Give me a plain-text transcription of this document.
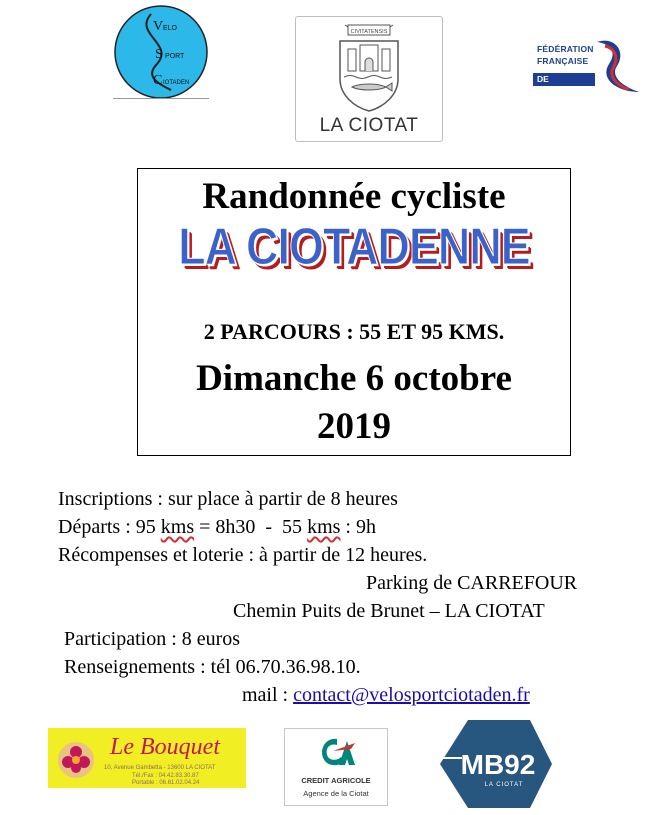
V ELO
S PORT
C IOTADEN
CIVITATENSIS
LA CIOTAT
FÉDÉRATION
FRANÇAISE
DE CYCLISME
Randonnée cycliste
LA CIOTADENNE
2 PARCOURS : 55 ET 95 KMS.
Dimanche 6 octobre
2019
Inscriptions : sur place à partir de 8 heures
Départs : 95 kms = 8h30  -  55 kms : 9h
Récompenses et loterie : à partir de 12 heures.
Parking de CARREFOUR
Chemin Puits de Brunet – LA CIOTAT
Participation : 8 euros
Renseignements : tél 06.70.36.98.10.
mail : contact@velosportciotaden.fr
Le Bouquet
10, Avenue Gambetta - 13600 LA CIOTAT
Tél./Fax : 04.42.83.30.87
Portable : 06.61.02.04.24	CREDIT AGRICOLE
Agence de la Ciotat
MB92
LA CIOTAT
